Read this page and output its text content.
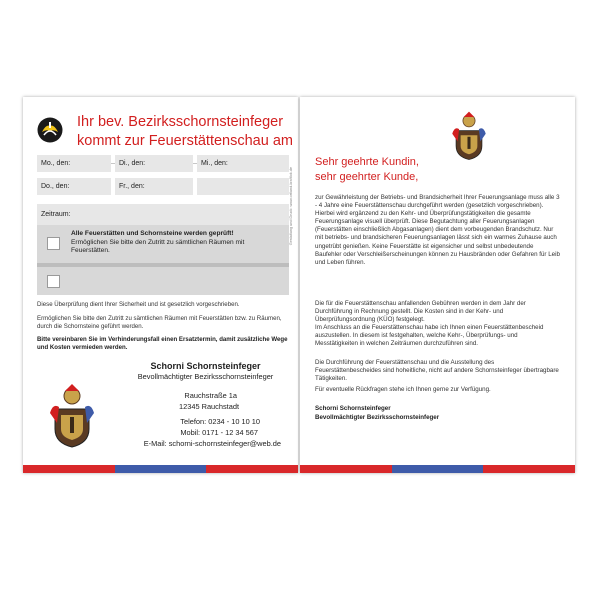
Ihr bev. Bezirksschornsteinfeger
kommt zur Feuerstättenschau am
Mo., den:	Di., den:	Mi., den:
Do., den:	Fr., den:
Zeitraum:
Alle Feuerstätten und Schornsteine werden geprüft!
Ermöglichen Sie bitte den Zutritt zu sämtlichen Räumen mit Feuerstätten.
Diese Überprüfung dient Ihrer Sicherheit und ist gesetzlich vorgeschrieben.
Ermöglichen Sie bitte den Zutritt zu sämtlichen Räumen mit Feuerstätten bzw. zu Räumen, durch die Schornsteine geführt werden.
Bitte vereinbaren Sie im Verhinderungsfall einen Ersatztermin, damit zusätzliche Wege und Kosten vermieden werden.
Schorni Schornsteinfeger
Bevollmächtigter Bezirksschornsteinfeger
Rauchstraße 1a
12345 Rauchstadt
Telefon: 0234 - 10 10 10
Mobil: 0171 - 12 34 567
E-Mail: schorni-schornsteinfeger@web.de
Gestaltung und Druck: www.ortlund-kraftlok.de
Sehr geehrte Kundin,
sehr geehrter Kunde,
zur Gewährleistung der Betriebs- und Brandsicherheit Ihrer Feuerungsanlage muss alle 3 - 4 Jahre eine Feuerstättenschau durchgeführt werden (gesetzlich vorgeschrieben). Hierbei wird ergänzend zu den Kehr- und Überprüfungstätigkeiten die gesamte Feuerungsanlage visuell überprüft. Diese Begutachtung aller Feuerungsanlagen (Feuerstätten einschließlich Abgasanlagen) dient dem vorbeugenden Brandschutz. Nur mit betriebs- und brandsicheren Feuerungsanlagen lässt sich ein warmes Zuhause auch ungetrübt genießen. Keine Feuerstätte ist eigensicher und selbst unbedeutende Baufehler oder Verschleißerscheinungen können zu Hausbränden oder Gefahren für Leib und Leben führen.
Die für die Feuerstättenschau anfallenden Gebühren werden in dem Jahr der Durchführung in Rechnung gestellt. Die Kosten sind in der Kehr- und Überprüfungsordnung (KÜO) festgelegt.
Im Anschluss an die Feuerstättenschau habe ich Ihnen einen Feuerstättenbescheid auszustellen. In diesem ist festgehalten, welche Kehr-, Überprüfungs- und Messtätigkeiten in welchen Zeiträumen durchzuführen sind.
Die Durchführung der Feuerstättenschau und die Ausstellung des Feuerstättenbescheides sind hoheitliche, nicht auf andere Schornsteinfeger übertragbare Tätigkeiten.
Für eventuelle Rückfragen stehe ich Ihnen gerne zur Verfügung.
Schorni Schornsteinfeger
Bevollmächtigter Bezirksschornsteinfeger
